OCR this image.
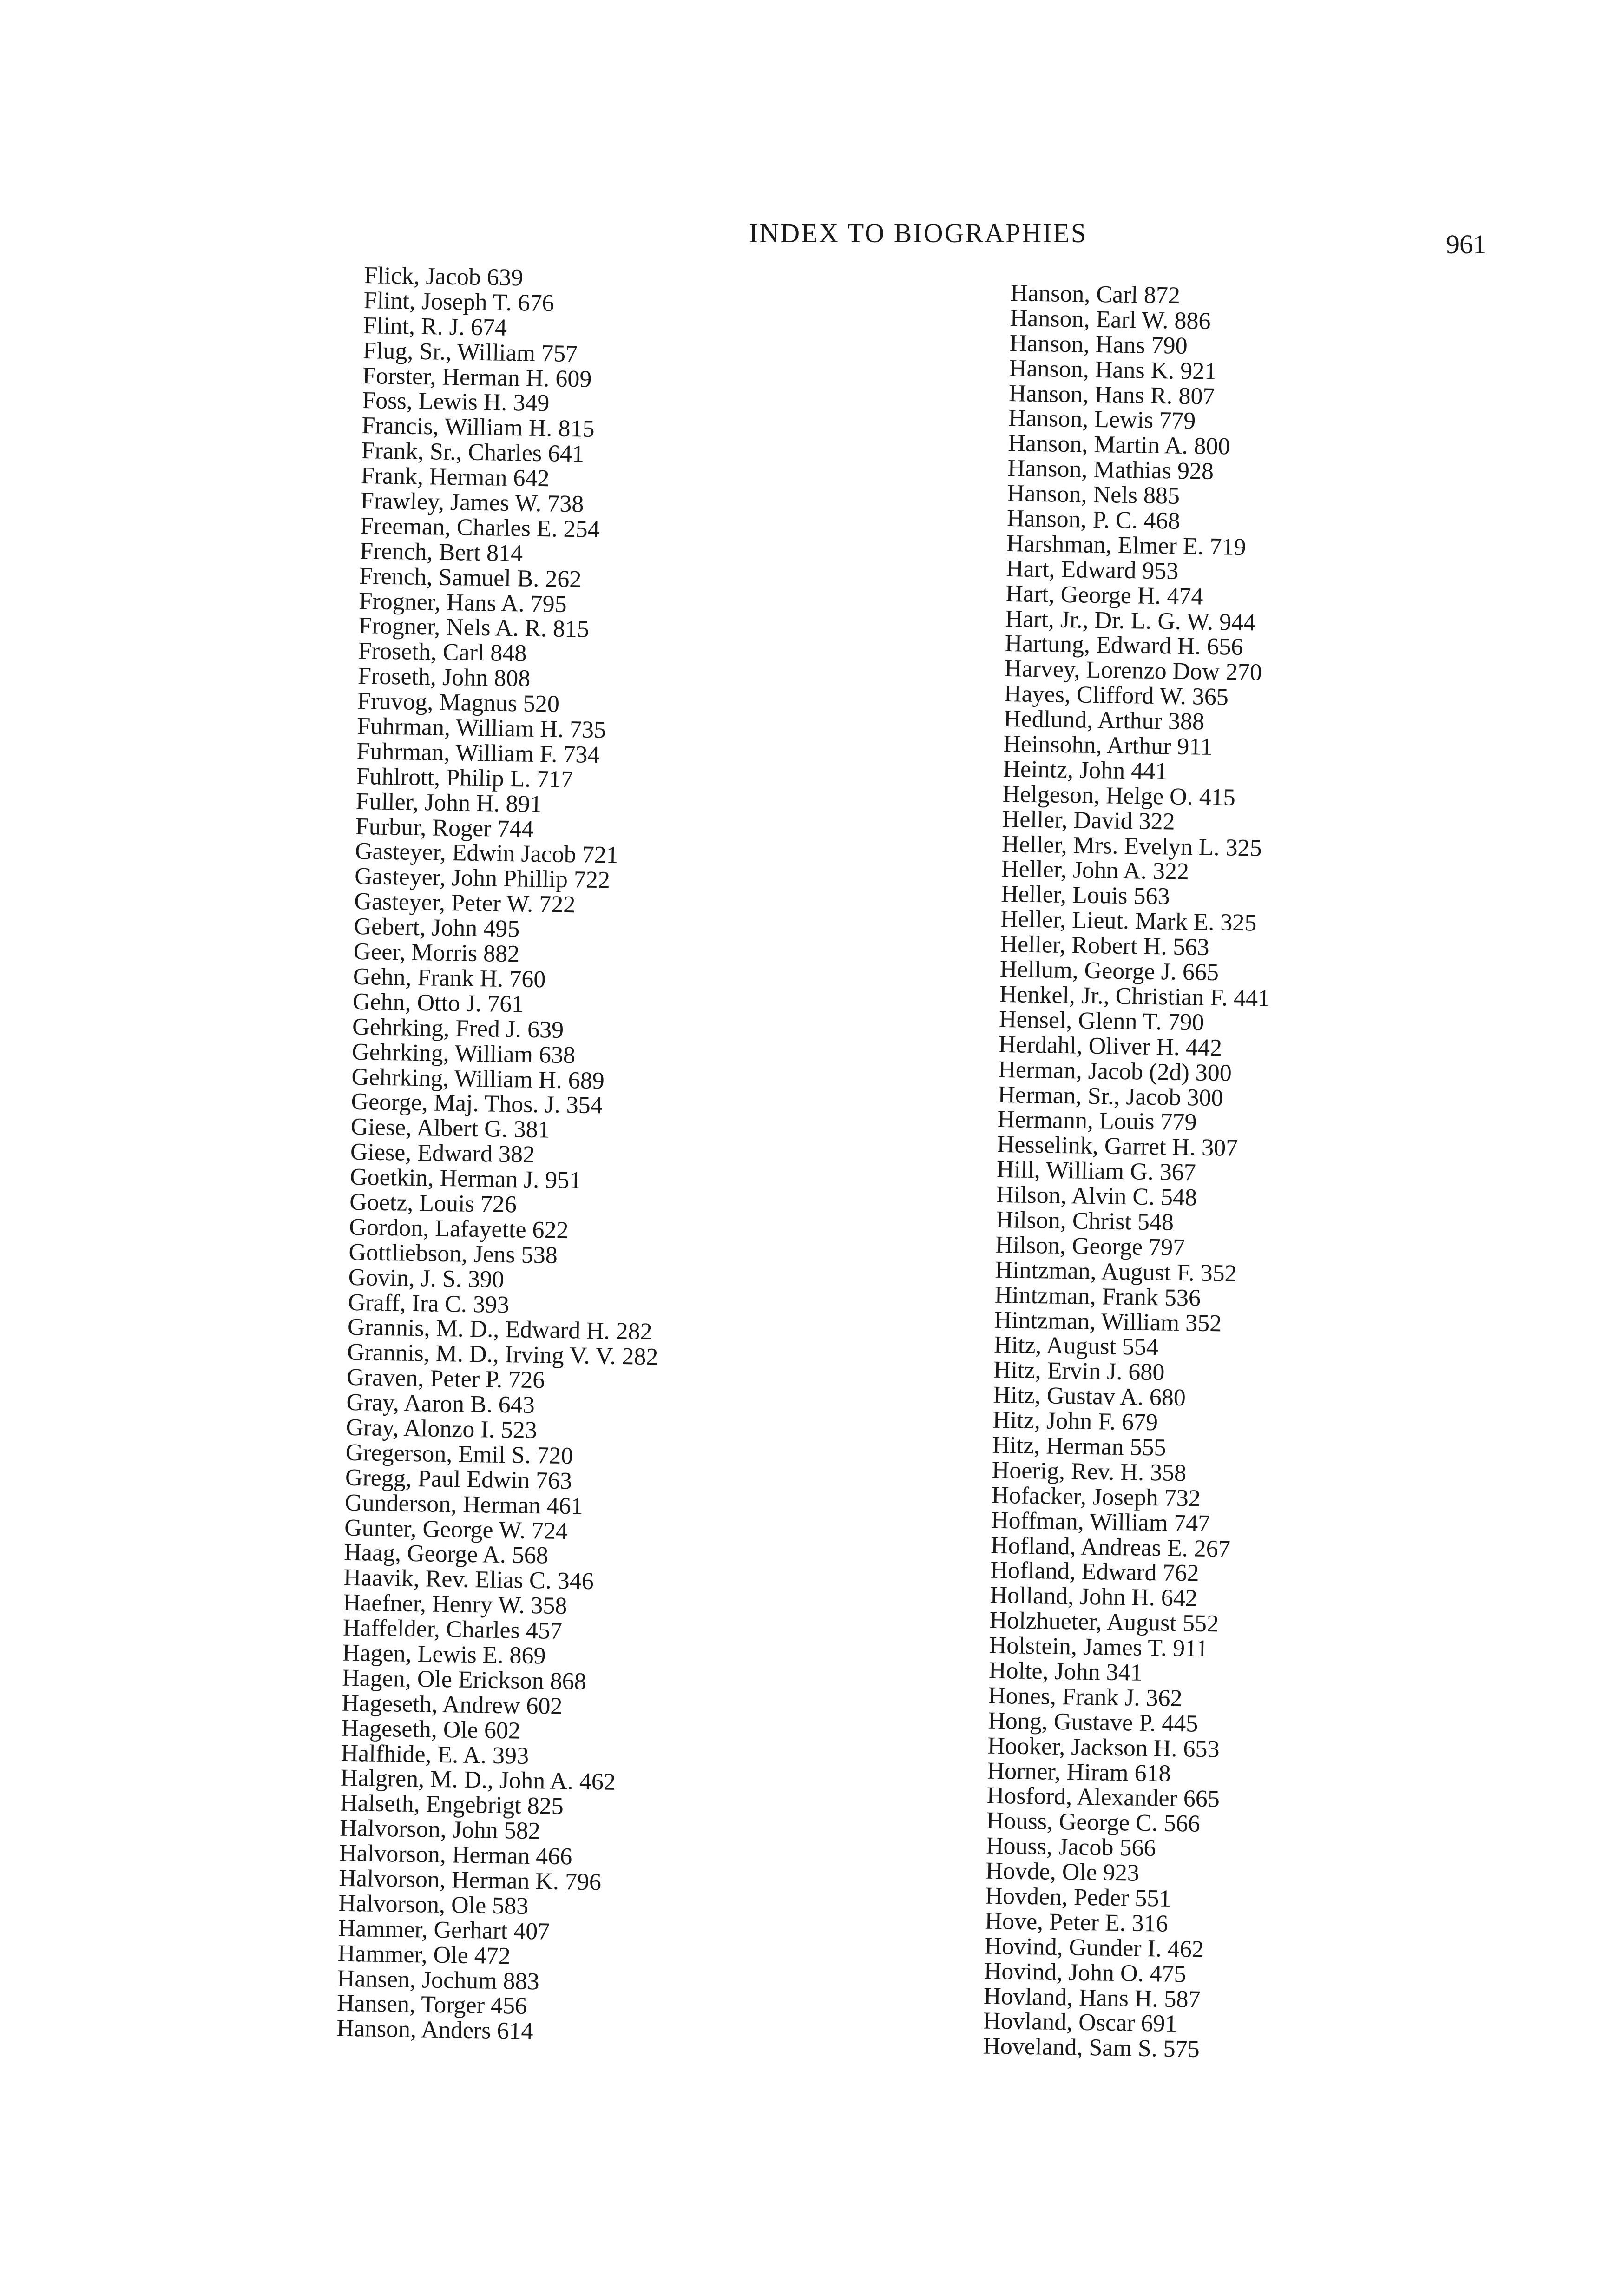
INDEX TO BIOGRAPHIES	961
Flick, Jacob 639
Flint, Joseph T. 676
Flint, R. J. 674
Flug, Sr., William 757
Forster, Herman H. 609
Foss, Lewis H. 349
Francis, William H. 815
Frank, Sr., Charles 641
Frank, Herman 642
Frawley, James W. 738
Freeman, Charles E. 254
French, Bert 814
French, Samuel B. 262
Frogner, Hans A. 795
Frogner, Nels A. R. 815
Froseth, Carl 848
Froseth, John 808
Fruvog, Magnus 520
Fuhrman, William H. 735
Fuhrman, William F. 734
Fuhlrott, Philip L. 717
Fuller, John H. 891
Furbur, Roger 744
Gasteyer, Edwin Jacob 721
Gasteyer, John Phillip 722
Gasteyer, Peter W. 722
Gebert, John 495
Geer, Morris 882
Gehn, Frank H. 760
Gehn, Otto J. 761
Gehrking, Fred J. 639
Gehrking, William 638
Gehrking, William H. 689
George, Maj. Thos. J. 354
Giese, Albert G. 381
Giese, Edward 382
Goetkin, Herman J. 951
Goetz, Louis 726
Gordon, Lafayette 622
Gottliebson, Jens 538
Govin, J. S. 390
Graff, Ira C. 393
Grannis, M. D., Edward H. 282
Grannis, M. D., Irving V. V. 282
Graven, Peter P. 726
Gray, Aaron B. 643
Gray, Alonzo I. 523
Gregerson, Emil S. 720
Gregg, Paul Edwin 763
Gunderson, Herman 461
Gunter, George W. 724
Haag, George A. 568
Haavik, Rev. Elias C. 346
Haefner, Henry W. 358
Haffelder, Charles 457
Hagen, Lewis E. 869
Hagen, Ole Erickson 868
Hageseth, Andrew 602
Hageseth, Ole 602
Halfhide, E. A. 393
Halgren, M. D., John A. 462
Halseth, Engebrigt 825
Halvorson, John 582
Halvorson, Herman 466
Halvorson, Herman K. 796
Halvorson, Ole 583
Hammer, Gerhart 407
Hammer, Ole 472
Hansen, Jochum 883
Hansen, Torger 456
Hanson, Anders 614
Hanson, Carl 872
Hanson, Earl W. 886
Hanson, Hans 790
Hanson, Hans K. 921
Hanson, Hans R. 807
Hanson, Lewis 779
Hanson, Martin A. 800
Hanson, Mathias 928
Hanson, Nels 885
Hanson, P. C. 468
Harshman, Elmer E. 719
Hart, Edward 953
Hart, George H. 474
Hart, Jr., Dr. L. G. W. 944
Hartung, Edward H. 656
Harvey, Lorenzo Dow 270
Hayes, Clifford W. 365
Hedlund, Arthur 388
Heinsohn, Arthur 911
Heintz, John 441
Helgeson, Helge O. 415
Heller, David 322
Heller, Mrs. Evelyn L. 325
Heller, John A. 322
Heller, Louis 563
Heller, Lieut. Mark E. 325
Heller, Robert H. 563
Hellum, George J. 665
Henkel, Jr., Christian F. 441
Hensel, Glenn T. 790
Herdahl, Oliver H. 442
Herman, Jacob (2d) 300
Herman, Sr., Jacob 300
Hermann, Louis 779
Hesselink, Garret H. 307
Hill, William G. 367
Hilson, Alvin C. 548
Hilson, Christ 548
Hilson, George 797
Hintzman, August F. 352
Hintzman, Frank 536
Hintzman, William 352
Hitz, August 554
Hitz, Ervin J. 680
Hitz, Gustav A. 680
Hitz, John F. 679
Hitz, Herman 555
Hoerig, Rev. H. 358
Hofacker, Joseph 732
Hoffman, William 747
Hofland, Andreas E. 267
Hofland, Edward 762
Holland, John H. 642
Holzhueter, August 552
Holstein, James T. 911
Holte, John 341
Hones, Frank J. 362
Hong, Gustave P. 445
Hooker, Jackson H. 653
Horner, Hiram 618
Hosford, Alexander 665
Houss, George C. 566
Houss, Jacob 566
Hovde, Ole 923
Hovden, Peder 551
Hove, Peter E. 316
Hovind, Gunder I. 462
Hovind, John O. 475
Hovland, Hans H. 587
Hovland, Oscar 691
Hoveland, Sam S. 575
